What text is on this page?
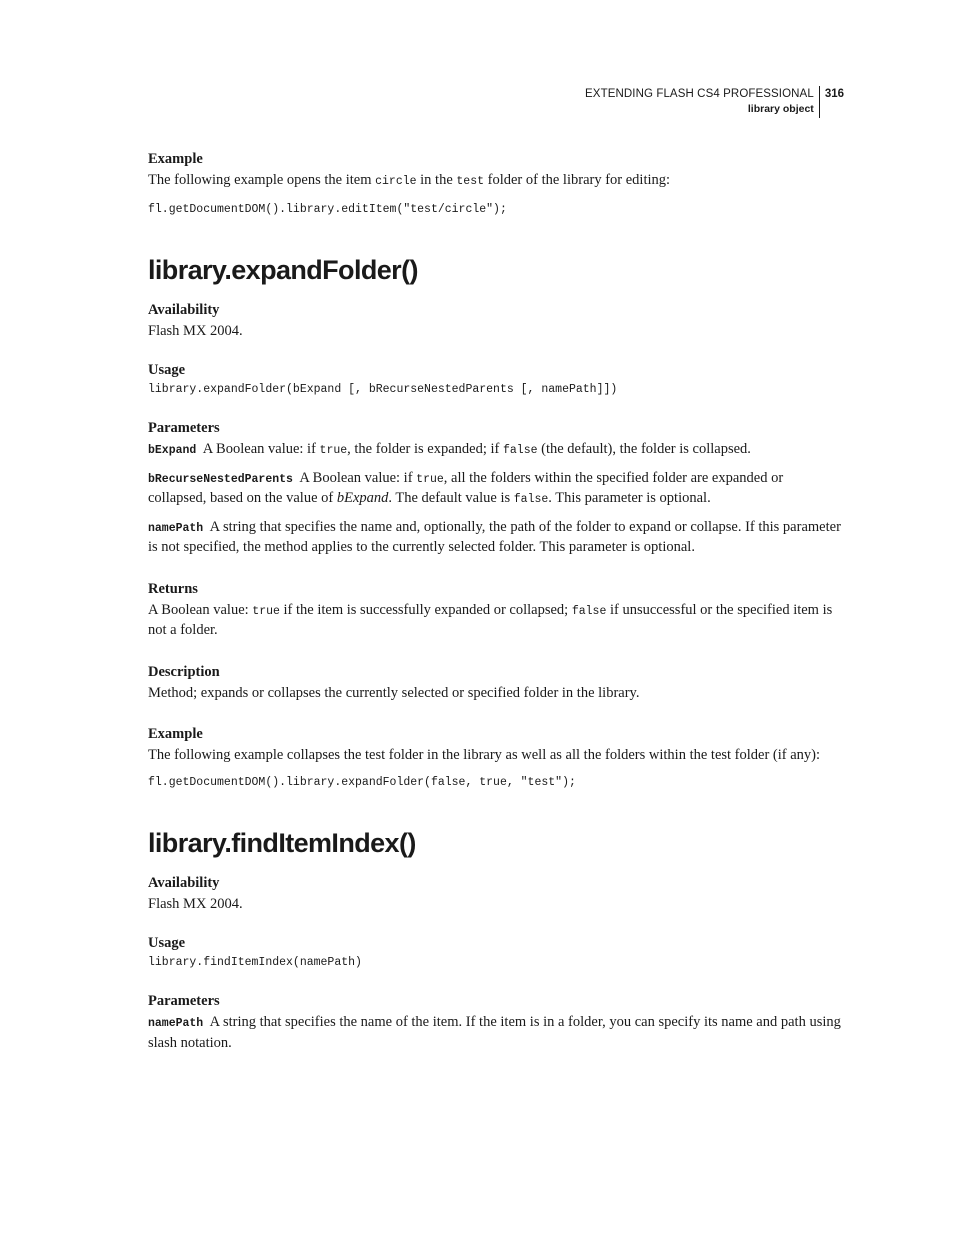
EXTENDING FLASH CS4 PROFESSIONAL
library object
316
Example

The following example opens the item circle in the test folder of the library for editing:

fl.getDocumentDOM().library.editItem("test/circle");
library.expandFolder()
Availability

Flash MX 2004.

Usage
library.expandFolder(bExpand [, bRecurseNestedParents [, namePath]])
Parameters

bExpand  A Boolean value: if true, the folder is expanded; if false (the default), the folder is collapsed.

bRecurseNestedParents  A Boolean value: if true, all the folders within the specified folder are expanded or collapsed, based on the value of bExpand. The default value is false. This parameter is optional.

namePath  A string that specifies the name and, optionally, the path of the folder to expand or collapse. If this parameter is not specified, the method applies to the currently selected folder. This parameter is optional.

Returns

A Boolean value: true if the item is successfully expanded or collapsed; false if unsuccessful or the specified item is not a folder.

Description

Method; expands or collapses the currently selected or specified folder in the library.

Example

The following example collapses the test folder in the library as well as all the folders within the test folder (if any):

fl.getDocumentDOM().library.expandFolder(false, true, "test");
library.findItemIndex()
Availability

Flash MX 2004.

Usage
library.findItemIndex(namePath)
Parameters

namePath  A string that specifies the name of the item. If the item is in a folder, you can specify its name and path using slash notation.
